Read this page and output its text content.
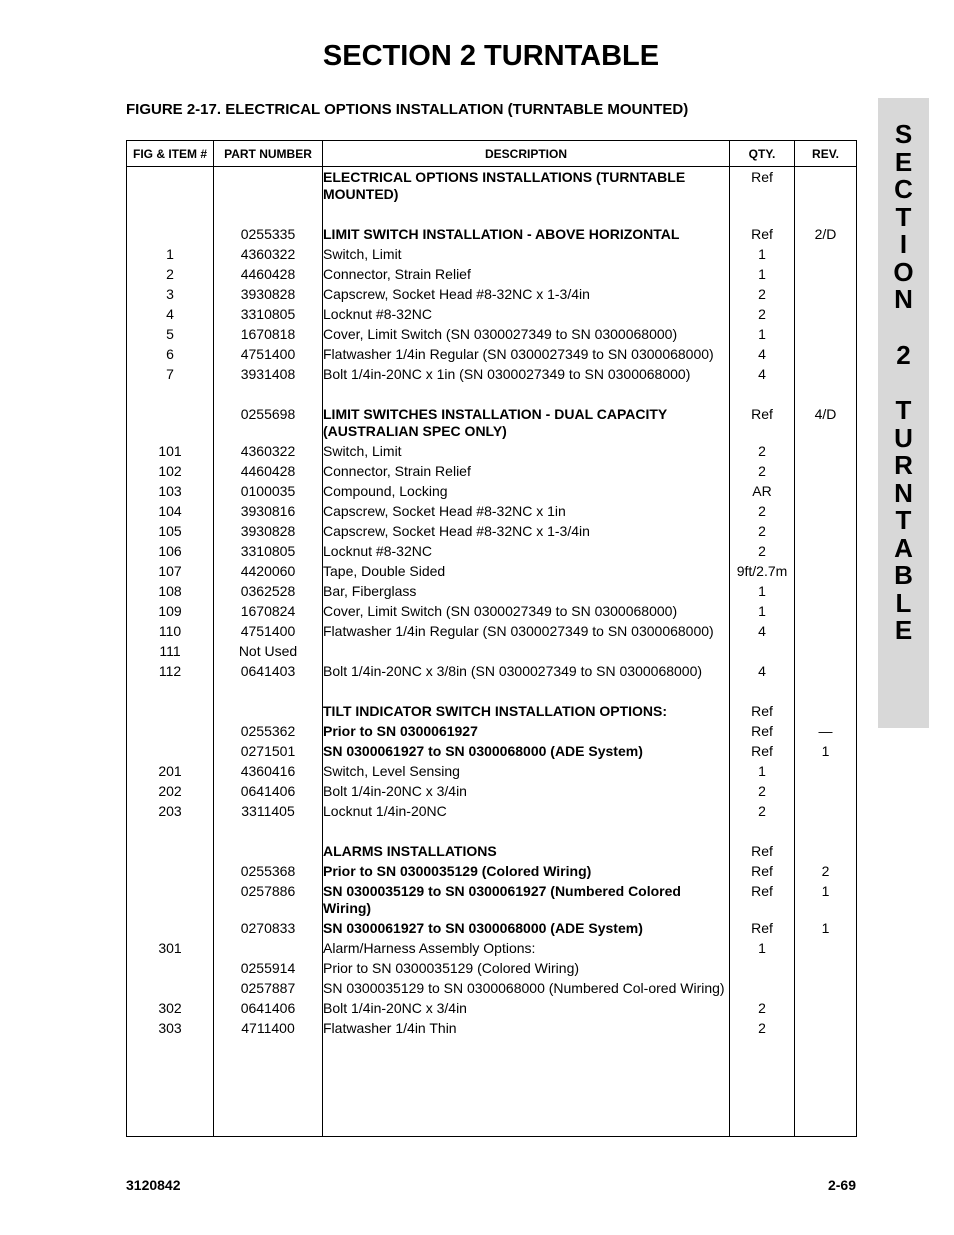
SECTION 2 TURNTABLE
FIGURE 2-17. ELECTRICAL OPTIONS INSTALLATION (TURNTABLE MOUNTED)
S
E
C
T
I
O
N
2
T
U
R
N
T
A
B
L
E
FIG & ITEM #	PART NUMBER	DESCRIPTION	QTY.	REV.

		ELECTRICAL OPTIONS INSTALLATIONS (TURNTABLE MOUNTED)	Ref	

	0255335	LIMIT SWITCH INSTALLATION - ABOVE HORIZONTAL	Ref	2/D

1	4360322	Switch, Limit	1	

2	4460428	Connector, Strain Relief	1	

3	3930828	Capscrew, Socket Head #8-32NC x 1-3/4in	2	

4	3310805	Locknut #8-32NC	2	

5	1670818	Cover, Limit Switch (SN 0300027349 to SN 0300068000)	1	

6	4751400	Flatwasher 1/4in Regular (SN 0300027349 to SN 0300068000)	4	

7	3931408	Bolt 1/4in-20NC x 1in (SN 0300027349 to SN 0300068000)	4	

	0255698	LIMIT SWITCHES INSTALLATION - DUAL CAPACITY (AUSTRALIAN SPEC ONLY)	Ref	4/D

101	4360322	Switch, Limit	2	

102	4460428	Connector, Strain Relief	2	

103	0100035	Compound, Locking	AR	

104	3930816	Capscrew, Socket Head #8-32NC x 1in	2	

105	3930828	Capscrew, Socket Head #8-32NC x 1-3/4in	2	

106	3310805	Locknut #8-32NC	2	

107	4420060	Tape, Double Sided	9ft/2.7m	

108	0362528	Bar, Fiberglass	1	

109	1670824	Cover, Limit Switch (SN 0300027349 to SN 0300068000)	1	

110	4751400	Flatwasher 1/4in Regular (SN 0300027349 to SN 0300068000)	4	

111	Not Used			

112	0641403	Bolt 1/4in-20NC x 3/8in (SN 0300027349 to SN 0300068000)	4	

		TILT INDICATOR SWITCH INSTALLATION OPTIONS:	Ref	

	0255362	Prior to SN 0300061927	Ref	—

	0271501	SN 0300061927 to SN 0300068000 (ADE System)	Ref	1

201	4360416	Switch, Level Sensing	1	

202	0641406	Bolt 1/4in-20NC x 3/4in	2	

203	3311405	Locknut 1/4in-20NC	2	

		ALARMS INSTALLATIONS	Ref	

	0255368	Prior to SN 0300035129 (Colored Wiring)	Ref	2

	0257886	SN 0300035129 to SN 0300061927 (Numbered Colored Wiring)	Ref	1

	0270833	SN 0300061927 to SN 0300068000 (ADE System)	Ref	1

301		Alarm/Harness Assembly Options:	1	

	0255914	Prior to SN 0300035129 (Colored Wiring)		

	0257887	SN 0300035129 to SN 0300068000 (Numbered Col-ored Wiring)		

302	0641406	Bolt 1/4in-20NC x 3/4in	2	

303	4711400	Flatwasher 1/4in Thin	2	

3120842	2-69
